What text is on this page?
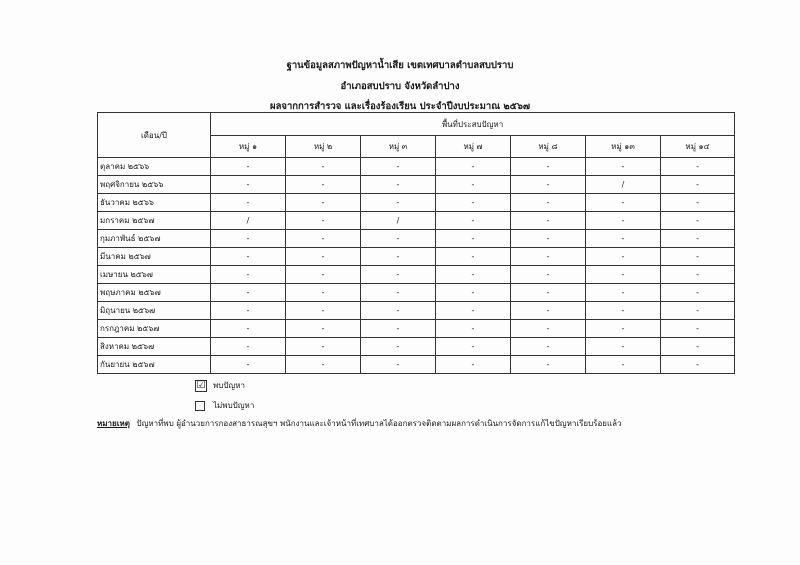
ฐานข้อมูลสภาพปัญหาน้ำเสีย เขตเทศบาลตำบลสบปราบ
อำเภอสบปราบ จังหวัดลำปาง
ผลจากการสำรวจ และเรื่องร้องเรียน ประจำปีงบประมาณ ๒๕๖๗
เดือน/ปี	พื้นที่ประสบปัญหา						
	หมู่ ๑	หมู่ ๒	หมู่ ๓	หมู่ ๗	หมู่ ๘	หมู่ ๑๓	หมู่ ๑๔
ตุลาคม ๒๕๖๖	-	-	-	-	-	-	-
พฤศจิกายน ๒๕๖๖	-	-	-	-	-	/	-
ธันวาคม ๒๕๖๖	-	-	-	-	-	-	-
มกราคม ๒๕๖๗	/	-	/	-	-	-	-
กุมภาพันธ์ ๒๕๖๗	-	-	-	-	-	-	-
มีนาคม ๒๕๖๗	-	-	-	-	-	-	-
เมษายน ๒๕๖๗	-	-	-	-	-	-	-
พฤษภาคม ๒๕๖๗	-	-	-	-	-	-	-
มิถุนายน ๒๕๖๗	-	-	-	-	-	-	-
กรกฎาคม ๒๕๖๗	-	-	-	-	-	-	-
สิงหาคม ๒๕๖๗	-	-	-	-	-	-	-
กันยายน ๒๕๖๗	-	-	-	-	-	-	-
☑ พบปัญหา
ไม่พบปัญหา
หมายเหตุ ปัญหาที่พบ ผู้อำนวยการกองสาธารณสุขฯ พนักงานและเจ้าหน้าที่เทศบาลได้ออกตรวจติดตามผลการดำเนินการจัดการแก้ไขปัญหาเรียบร้อยแล้ว
